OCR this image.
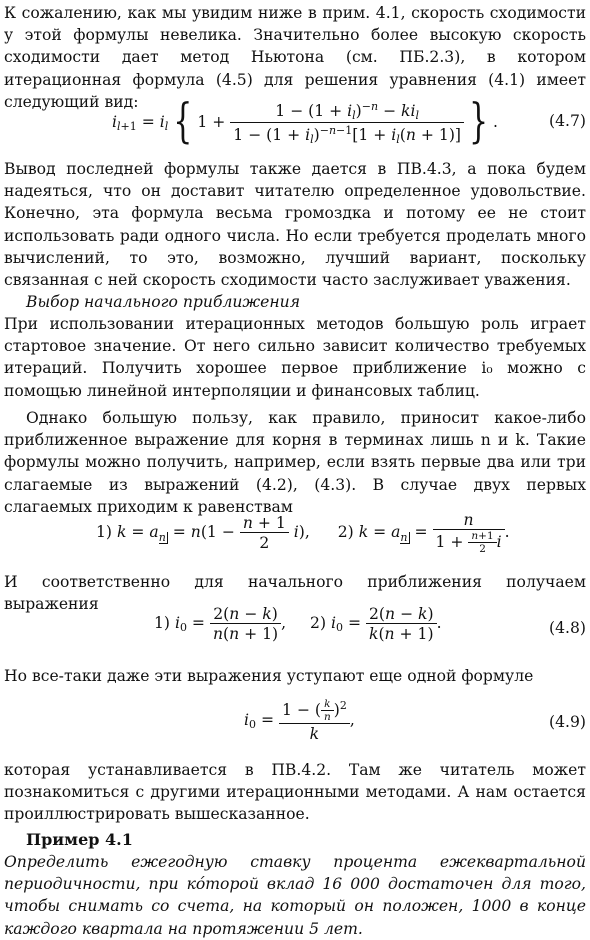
К сожалению, как мы увидим ниже в прим. 4.1, скорость сходимости у этой формулы невелика. Значительно более высокую скорость сходимости дает метод Ньютона (см. ПБ.2.3), в котором итерационная формула (4.5) для решения уравнения (4.1) имеет следующий вид:

$i_{l+1} = i_l$ { $1 + \frac{1 - (1 + i_l)^{-n} - ki_l}{1 - (1 + i_l)^{-n-1}[1 + i_l(n + 1)]}$ } .	(4.7)

Вывод последней формулы также дается в ПВ.4.3, а пока будем надеяться, что он доставит читателю определенное удовольствие. Конечно, эта формула весьма громоздка и потому ее не стоит использовать ради одного числа. Но если требуется проделать много вычислений, то это, возможно, лучший вариант, поскольку связанная с ней скорость сходимости часто заслуживает уважения.

Выбор начального приближения

При использовании итерационных методов большую роль играет стартовое значение. От него сильно зависит количество требуемых итераций. Получить хорошее первое приближение i₀ можно с помощью линейной интерполяции и финансовых таблиц.

Однако большую пользу, как правило, приносит какое-либо приближенное выражение для корня в терминах лишь n и k. Такие формулы можно получить, например, если взять первые два или три слагаемые из выражений (4.2), (4.3). В случае двух первых слагаемых приходим к равенствам

1) k = an = $n(1 - \frac{n + 1}{2} i)$, 2) k = an = $\frac{n}{1 + \frac{n+1}{2} i}$ .

И соответственно для начального приближения получаем выражения

1) $i_0 = \frac{2(n - k)}{n(n + 1)}$ , 2) $i_0 = \frac{2(n - k)}{k(n + 1)}$ .	(4.8)

Но все-таки даже эти выражения уступают еще одной формуле

$i_0 = \frac{1 - ( \frac{k}{n} )^2}{k}$ ,	(4.9)

которая устанавливается в ПВ.4.2. Там же читатель может познакомиться с другими итерационными методами. А нам остается проиллюстрировать вышесказанное.

Пример 4.1

Определить ежегодную ставку процента ежеквартальной периодичности, при кóторой вклад 16 000 достаточен для того, чтобы снимать со счета, на который он положен, 1000 в конце каждого квартала на протяжении 5 лет.
